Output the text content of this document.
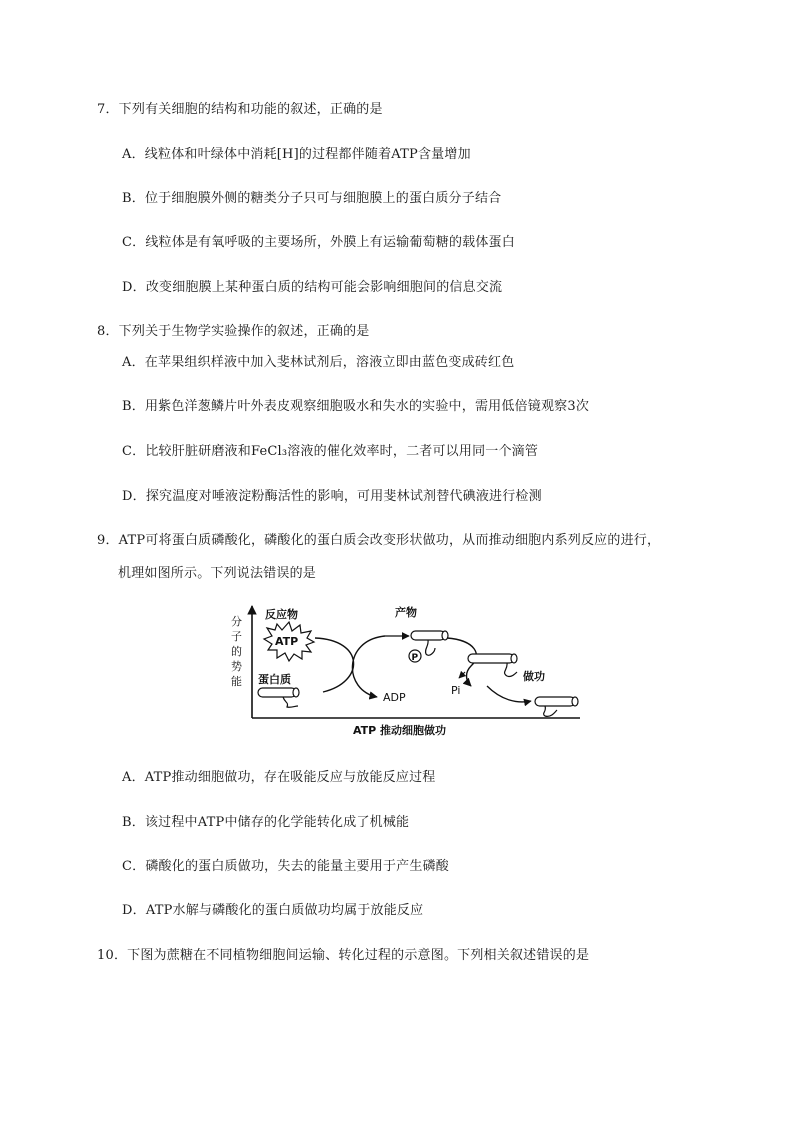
7．下列有关细胞的结构和功能的叙述，正确的是
A．线粒体和叶绿体中消耗[H]的过程都伴随着ATP含量增加
B．位于细胞膜外侧的糖类分子只可与细胞膜上的蛋白质分子结合
C．线粒体是有氧呼吸的主要场所，外膜上有运输葡萄糖的载体蛋白
D．改变细胞膜上某种蛋白质的结构可能会影响细胞间的信息交流
8．下列关于生物学实验操作的叙述，正确的是
A．在苹果组织样液中加入斐林试剂后，溶液立即由蓝色变成砖红色
B．用紫色洋葱鳞片叶外表皮观察细胞吸水和失水的实验中，需用低倍镜观察3次
C．比较肝脏研磨液和FeCl₃溶液的催化效率时，二者可以用同一个滴管
D．探究温度对唾液淀粉酶活性的影响，可用斐林试剂替代碘液进行检测
9．ATP可将蛋白质磷酸化，磷酸化的蛋白质会改变形状做功，从而推动细胞内系列反应的进行，
机理如图所示。下列说法错误的是
分
子
的
势
能
反应物
ATP
蛋白质
ADP
产物
P
Pi
做功
ATP 推动细胞做功
A．ATP推动细胞做功，存在吸能反应与放能反应过程
B．该过程中ATP中储存的化学能转化成了机械能
C．磷酸化的蛋白质做功，失去的能量主要用于产生磷酸
D．ATP水解与磷酸化的蛋白质做功均属于放能反应
10．下图为蔗糖在不同植物细胞间运输、转化过程的示意图。下列相关叙述错误的是
